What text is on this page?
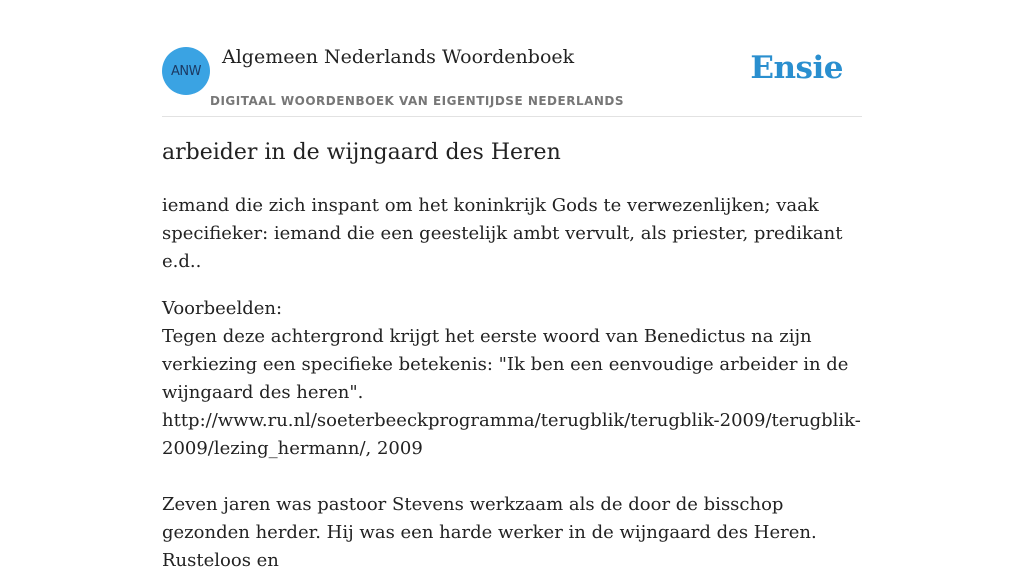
ANW
Algemeen Nederlands Woordenboek
DIGITAAL WOORDENBOEK VAN EIGENTIJDSE NEDERLANDS
Ensie
arbeider in de wijngaard des Heren

iemand die zich inspant om het koninkrijk Gods te verwezenlijken; vaak specifieker: iemand die een geestelijk ambt vervult, als priester, predikant e.d..

Voorbeelden:
Tegen deze achtergrond krijgt het eerste woord van Benedictus na zijn verkiezing een specifieke betekenis: "Ik ben een eenvoudige arbeider in de wijngaard des heren".
http://www.ru.nl/soeterbeeckprogramma/terugblik/terugblik-2009/terugblik-2009/lezing_hermann/, 2009

Zeven jaren was pastoor Stevens werkzaam als de door de bisschop gezonden herder. Hij was een harde werker in de wijngaard des Heren. Rusteloos en
